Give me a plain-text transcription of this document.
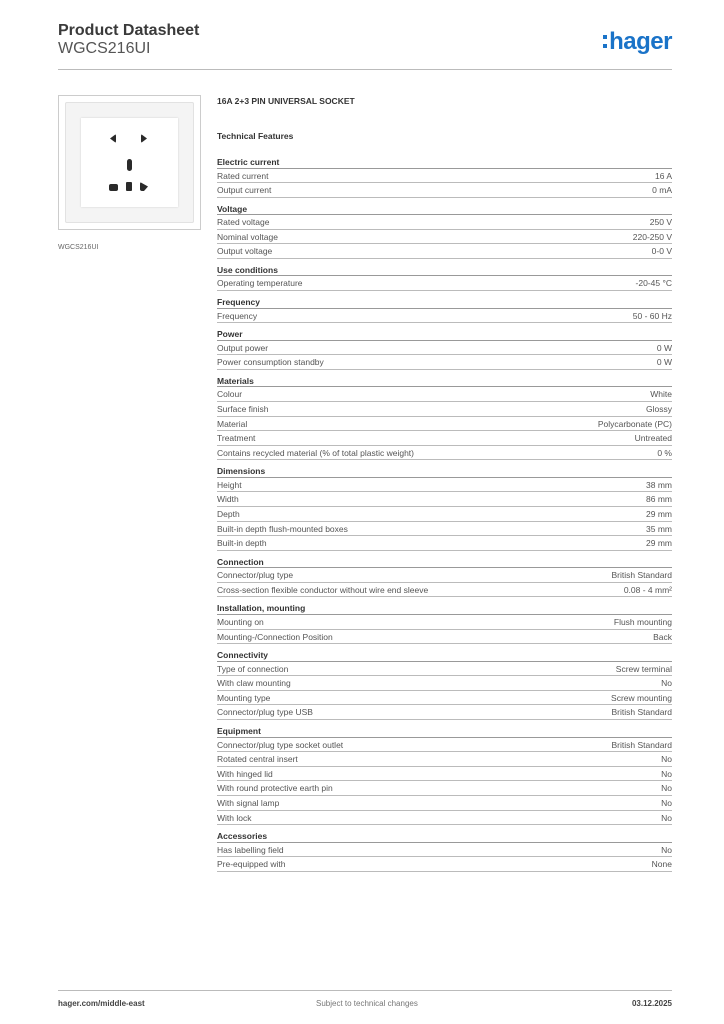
Product Datasheet
WGCS216UI	hager
WGCS216UI
16A 2+3 PIN UNIVERSAL SOCKET
Technical Features
Electric current
Rated current	16 A
Output current	0 mA
Voltage
Rated voltage	250 V
Nominal voltage	220-250 V
Output voltage	0-0 V
Use conditions
Operating temperature	-20-45 °C
Frequency
Frequency	50 - 60 Hz
Power
Output power	0 W
Power consumption standby	0 W
Materials
Colour	White
Surface finish	Glossy
Material	Polycarbonate (PC)
Treatment	Untreated
Contains recycled material (% of total plastic weight)	0 %
Dimensions
Height	38 mm
Width	86 mm
Depth	29 mm
Built-in depth flush-mounted boxes	35 mm
Built-in depth	29 mm
Connection
Connector/plug type	British Standard
Cross-section flexible conductor without wire end sleeve	0.08 - 4 mm²
Installation, mounting
Mounting on	Flush mounting
Mounting-/Connection Position	Back
Connectivity
Type of connection	Screw terminal
With claw mounting	No
Mounting type	Screw mounting
Connector/plug type USB	British Standard
Equipment
Connector/plug type socket outlet	British Standard
Rotated central insert	No
With hinged lid	No
With round protective earth pin	No
With signal lamp	No
With lock	No
Accessories
Has labelling field	No
Pre-equipped with	None
hager.com/middle-east	Subject to technical changes	03.12.2025
